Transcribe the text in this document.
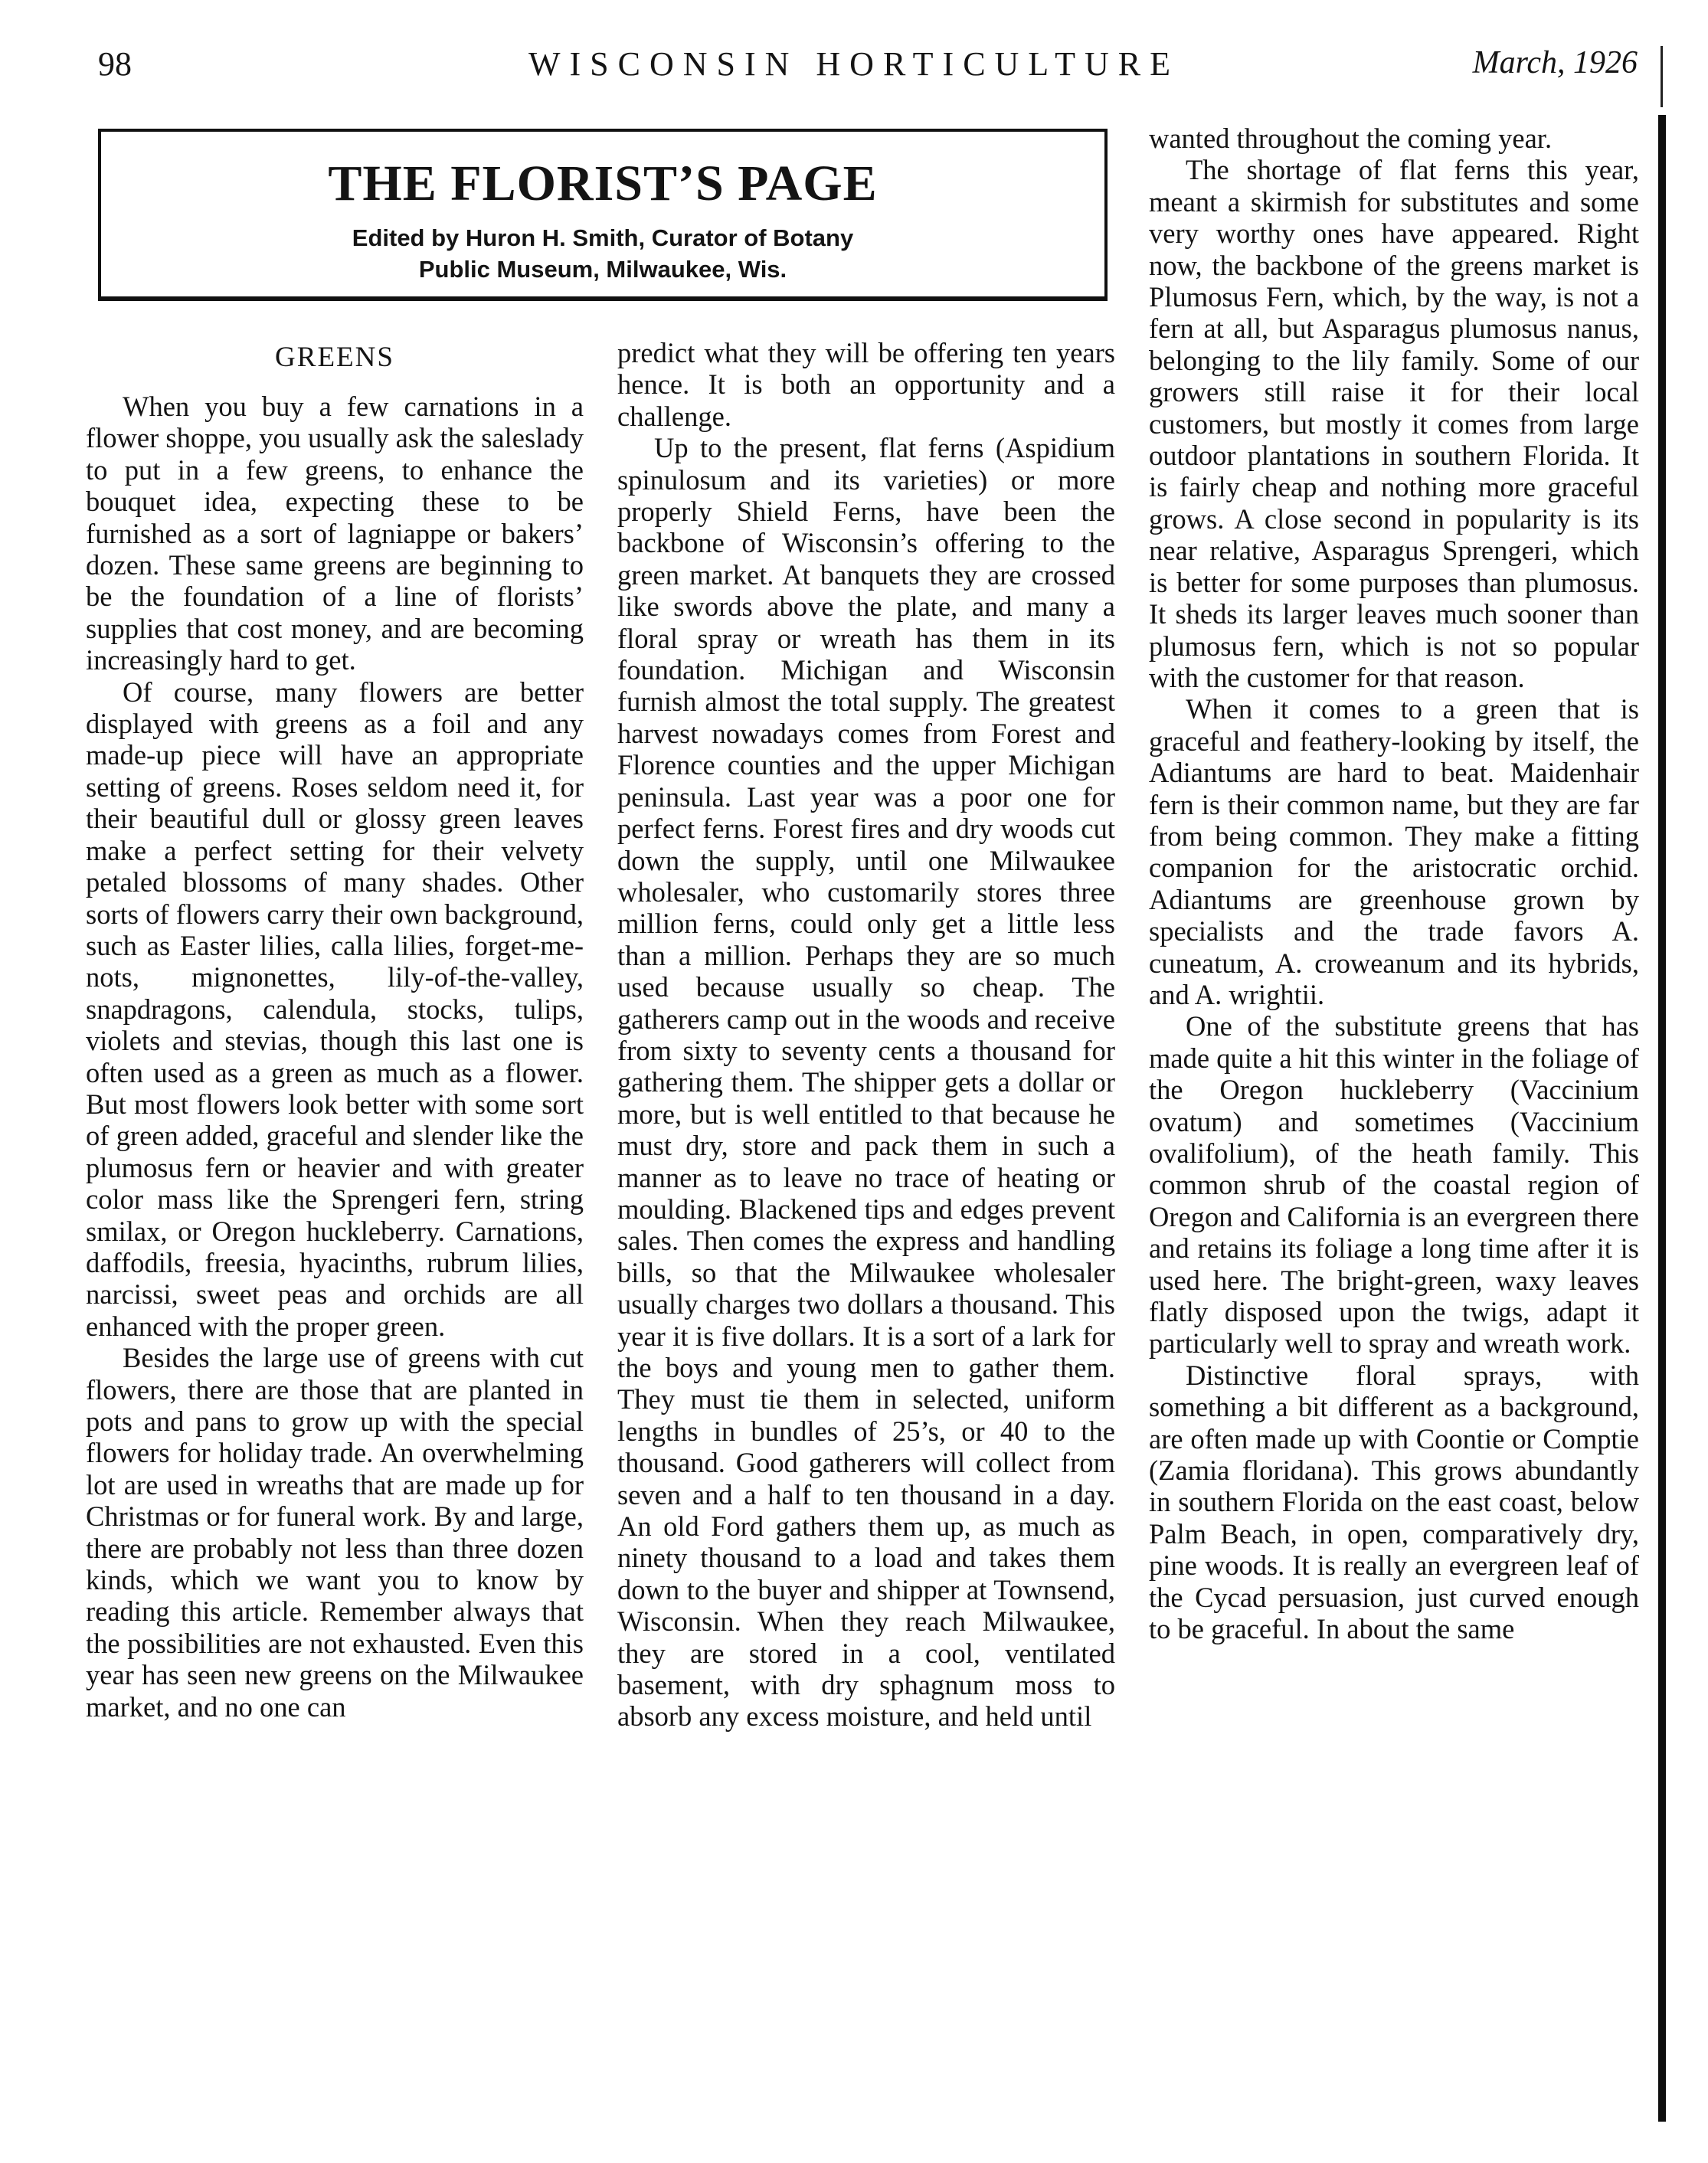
98	WISCONSIN HORTICULTURE	March, 1926
THE FLORIST’S PAGE
Edited by Huron H. Smith, Curator of Botany
Public Museum, Milwaukee, Wis.
GREENS

When you buy a few carnations in a flower shoppe, you usually ask the saleslady to put in a few greens, to enhance the bouquet idea, expecting these to be furnished as a sort of lagniappe or bakers’ dozen. These same greens are beginning to be the foundation of a line of florists’ supplies that cost money, and are becoming increasingly hard to get.

Of course, many flowers are better displayed with greens as a foil and any made-up piece will have an appropriate setting of greens. Roses seldom need it, for their beautiful dull or glossy green leaves make a perfect setting for their velvety petaled blossoms of many shades. Other sorts of flowers carry their own background, such as Easter lilies, calla lilies, forget-me-nots, mignonettes, lily-of-the-valley, snapdragons, calendula, stocks, tulips, violets and stevias, though this last one is often used as a green as much as a flower. But most flowers look better with some sort of green added, graceful and slender like the plumosus fern or heavier and with greater color mass like the Sprengeri fern, string smilax, or Oregon huckleberry. Carnations, daffodils, freesia, hyacinths, rubrum lilies, narcissi, sweet peas and orchids are all enhanced with the proper green.

Besides the large use of greens with cut flowers, there are those that are planted in pots and pans to grow up with the special flowers for holiday trade. An overwhelming lot are used in wreaths that are made up for Christmas or for funeral work. By and large, there are probably not less than three dozen kinds, which we want you to know by reading this article. Remember always that the possibilities are not exhausted. Even this year has seen new greens on the Milwaukee market, and no one can

predict what they will be offering ten years hence. It is both an opportunity and a challenge.

Up to the present, flat ferns (Aspidium spinulosum and its varieties) or more properly Shield Ferns, have been the backbone of Wisconsin’s offering to the green market. At banquets they are crossed like swords above the plate, and many a floral spray or wreath has them in its foundation. Michigan and Wisconsin furnish almost the total supply. The greatest harvest nowadays comes from Forest and Florence counties and the upper Michigan peninsula. Last year was a poor one for perfect ferns. Forest fires and dry woods cut down the supply, until one Milwaukee wholesaler, who customarily stores three million ferns, could only get a little less than a million. Perhaps they are so much used because usually so cheap. The gatherers camp out in the woods and receive from sixty to seventy cents a thousand for gathering them. The shipper gets a dollar or more, but is well entitled to that because he must dry, store and pack them in such a manner as to leave no trace of heating or moulding. Blackened tips and edges prevent sales. Then comes the express and handling bills, so that the Milwaukee wholesaler usually charges two dollars a thousand. This year it is five dollars. It is a sort of a lark for the boys and young men to gather them. They must tie them in selected, uniform lengths in bundles of 25’s, or 40 to the thousand. Good gatherers will collect from seven and a half to ten thousand in a day. An old Ford gathers them up, as much as ninety thousand to a load and takes them down to the buyer and shipper at Townsend, Wisconsin. When they reach Milwaukee, they are stored in a cool, ventilated basement, with dry sphagnum moss to absorb any excess moisture, and held until

wanted throughout the coming year.

The shortage of flat ferns this year, meant a skirmish for substitutes and some very worthy ones have appeared. Right now, the backbone of the greens market is Plumosus Fern, which, by the way, is not a fern at all, but Asparagus plumosus nanus, belonging to the lily family. Some of our growers still raise it for their local customers, but mostly it comes from large outdoor plantations in southern Florida. It is fairly cheap and nothing more graceful grows. A close second in popularity is its near relative, Asparagus Sprengeri, which is better for some purposes than plumosus. It sheds its larger leaves much sooner than plumosus fern, which is not so popular with the customer for that reason.

When it comes to a green that is graceful and feathery-looking by itself, the Adiantums are hard to beat. Maidenhair fern is their common name, but they are far from being common. They make a fitting companion for the aristocratic orchid. Adiantums are greenhouse grown by specialists and the trade favors A. cuneatum, A. croweanum and its hybrids, and A. wrightii.

One of the substitute greens that has made quite a hit this winter in the foliage of the Oregon huckleberry (Vaccinium ovatum) and sometimes (Vaccinium ovalifolium), of the heath family. This common shrub of the coastal region of Oregon and California is an evergreen there and retains its foliage a long time after it is used here. The bright-green, waxy leaves flatly disposed upon the twigs, adapt it particularly well to spray and wreath work.

Distinctive floral sprays, with something a bit different as a background, are often made up with Coontie or Comptie (Zamia floridana). This grows abundantly in southern Florida on the east coast, below Palm Beach, in open, comparatively dry, pine woods. It is really an evergreen leaf of the Cycad persuasion, just curved enough to be graceful. In about the same
